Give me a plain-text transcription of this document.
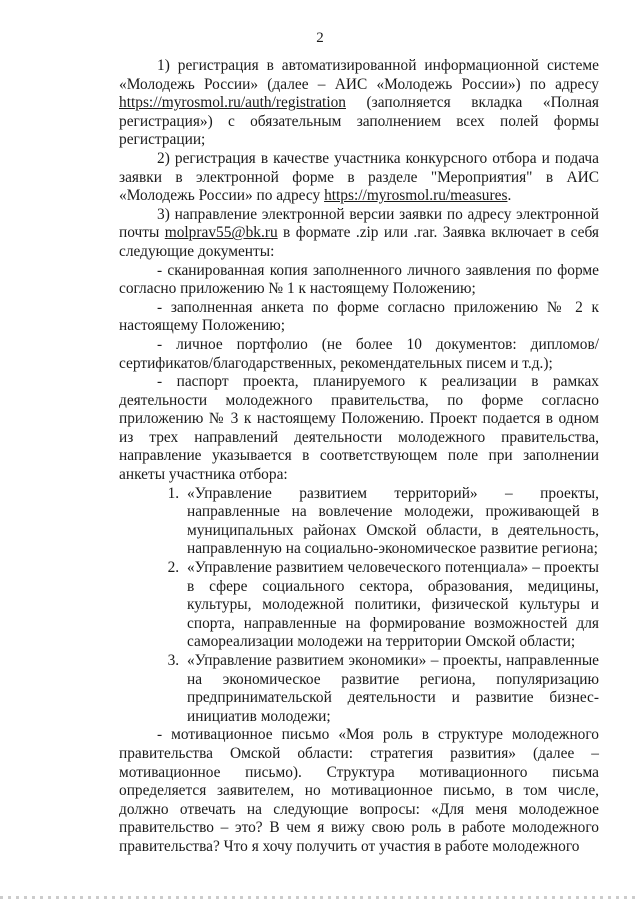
2
1) регистрация в автоматизированной информационной системе «Молодежь России» (далее – АИС «Молодежь России») по адресу https://myrosmol.ru/auth/registration (заполняется вкладка «Полная регистрация») с обязательным заполнением всех полей формы регистрации;
2) регистрация в качестве участника конкурсного отбора и подача заявки в электронной форме в разделе "Мероприятия" в АИС «Молодежь России» по адресу https://myrosmol.ru/measures.
3) направление электронной версии заявки по адресу электронной почты molprav55@bk.ru в формате .zip или .rar. Заявка включает в себя следующие документы:
- сканированная копия заполненного личного заявления по форме согласно приложению № 1 к настоящему Положению;
- заполненная анкета по форме согласно приложению № 2 к настоящему Положению;
- личное портфолио (не более 10 документов: дипломов/сертификатов/благодарственных, рекомендательных писем и т.д.);
- паспорт проекта, планируемого к реализации в рамках деятельности молодежного правительства, по форме согласно приложению № 3 к настоящему Положению. Проект подается в одном из трех направлений деятельности молодежного правительства, направление указывается в соответствующем поле при заполнении анкеты участника отбора:
1. «Управление развитием территорий» – проекты, направленные на вовлечение молодежи, проживающей в муниципальных районах Омской области, в деятельность, направленную на социально-экономическое развитие региона;
2. «Управление развитием человеческого потенциала» – проекты в сфере социального сектора, образования, медицины, культуры, молодежной политики, физической культуры и спорта, направленные на формирование возможностей для самореализации молодежи на территории Омской области;
3. «Управление развитием экономики» – проекты, направленные на экономическое развитие региона, популяризацию предпринимательской деятельности и развитие бизнес-инициатив молодежи;
- мотивационное письмо «Моя роль в структуре молодежного правительства Омской области: стратегия развития» (далее – мотивационное письмо). Структура мотивационного письма определяется заявителем, но мотивационное письмо, в том числе, должно отвечать на следующие вопросы: «Для меня молодежное правительство – это? В чем я вижу свою роль в работе молодежного правительства? Что я хочу получить от участия в работе молодежного
